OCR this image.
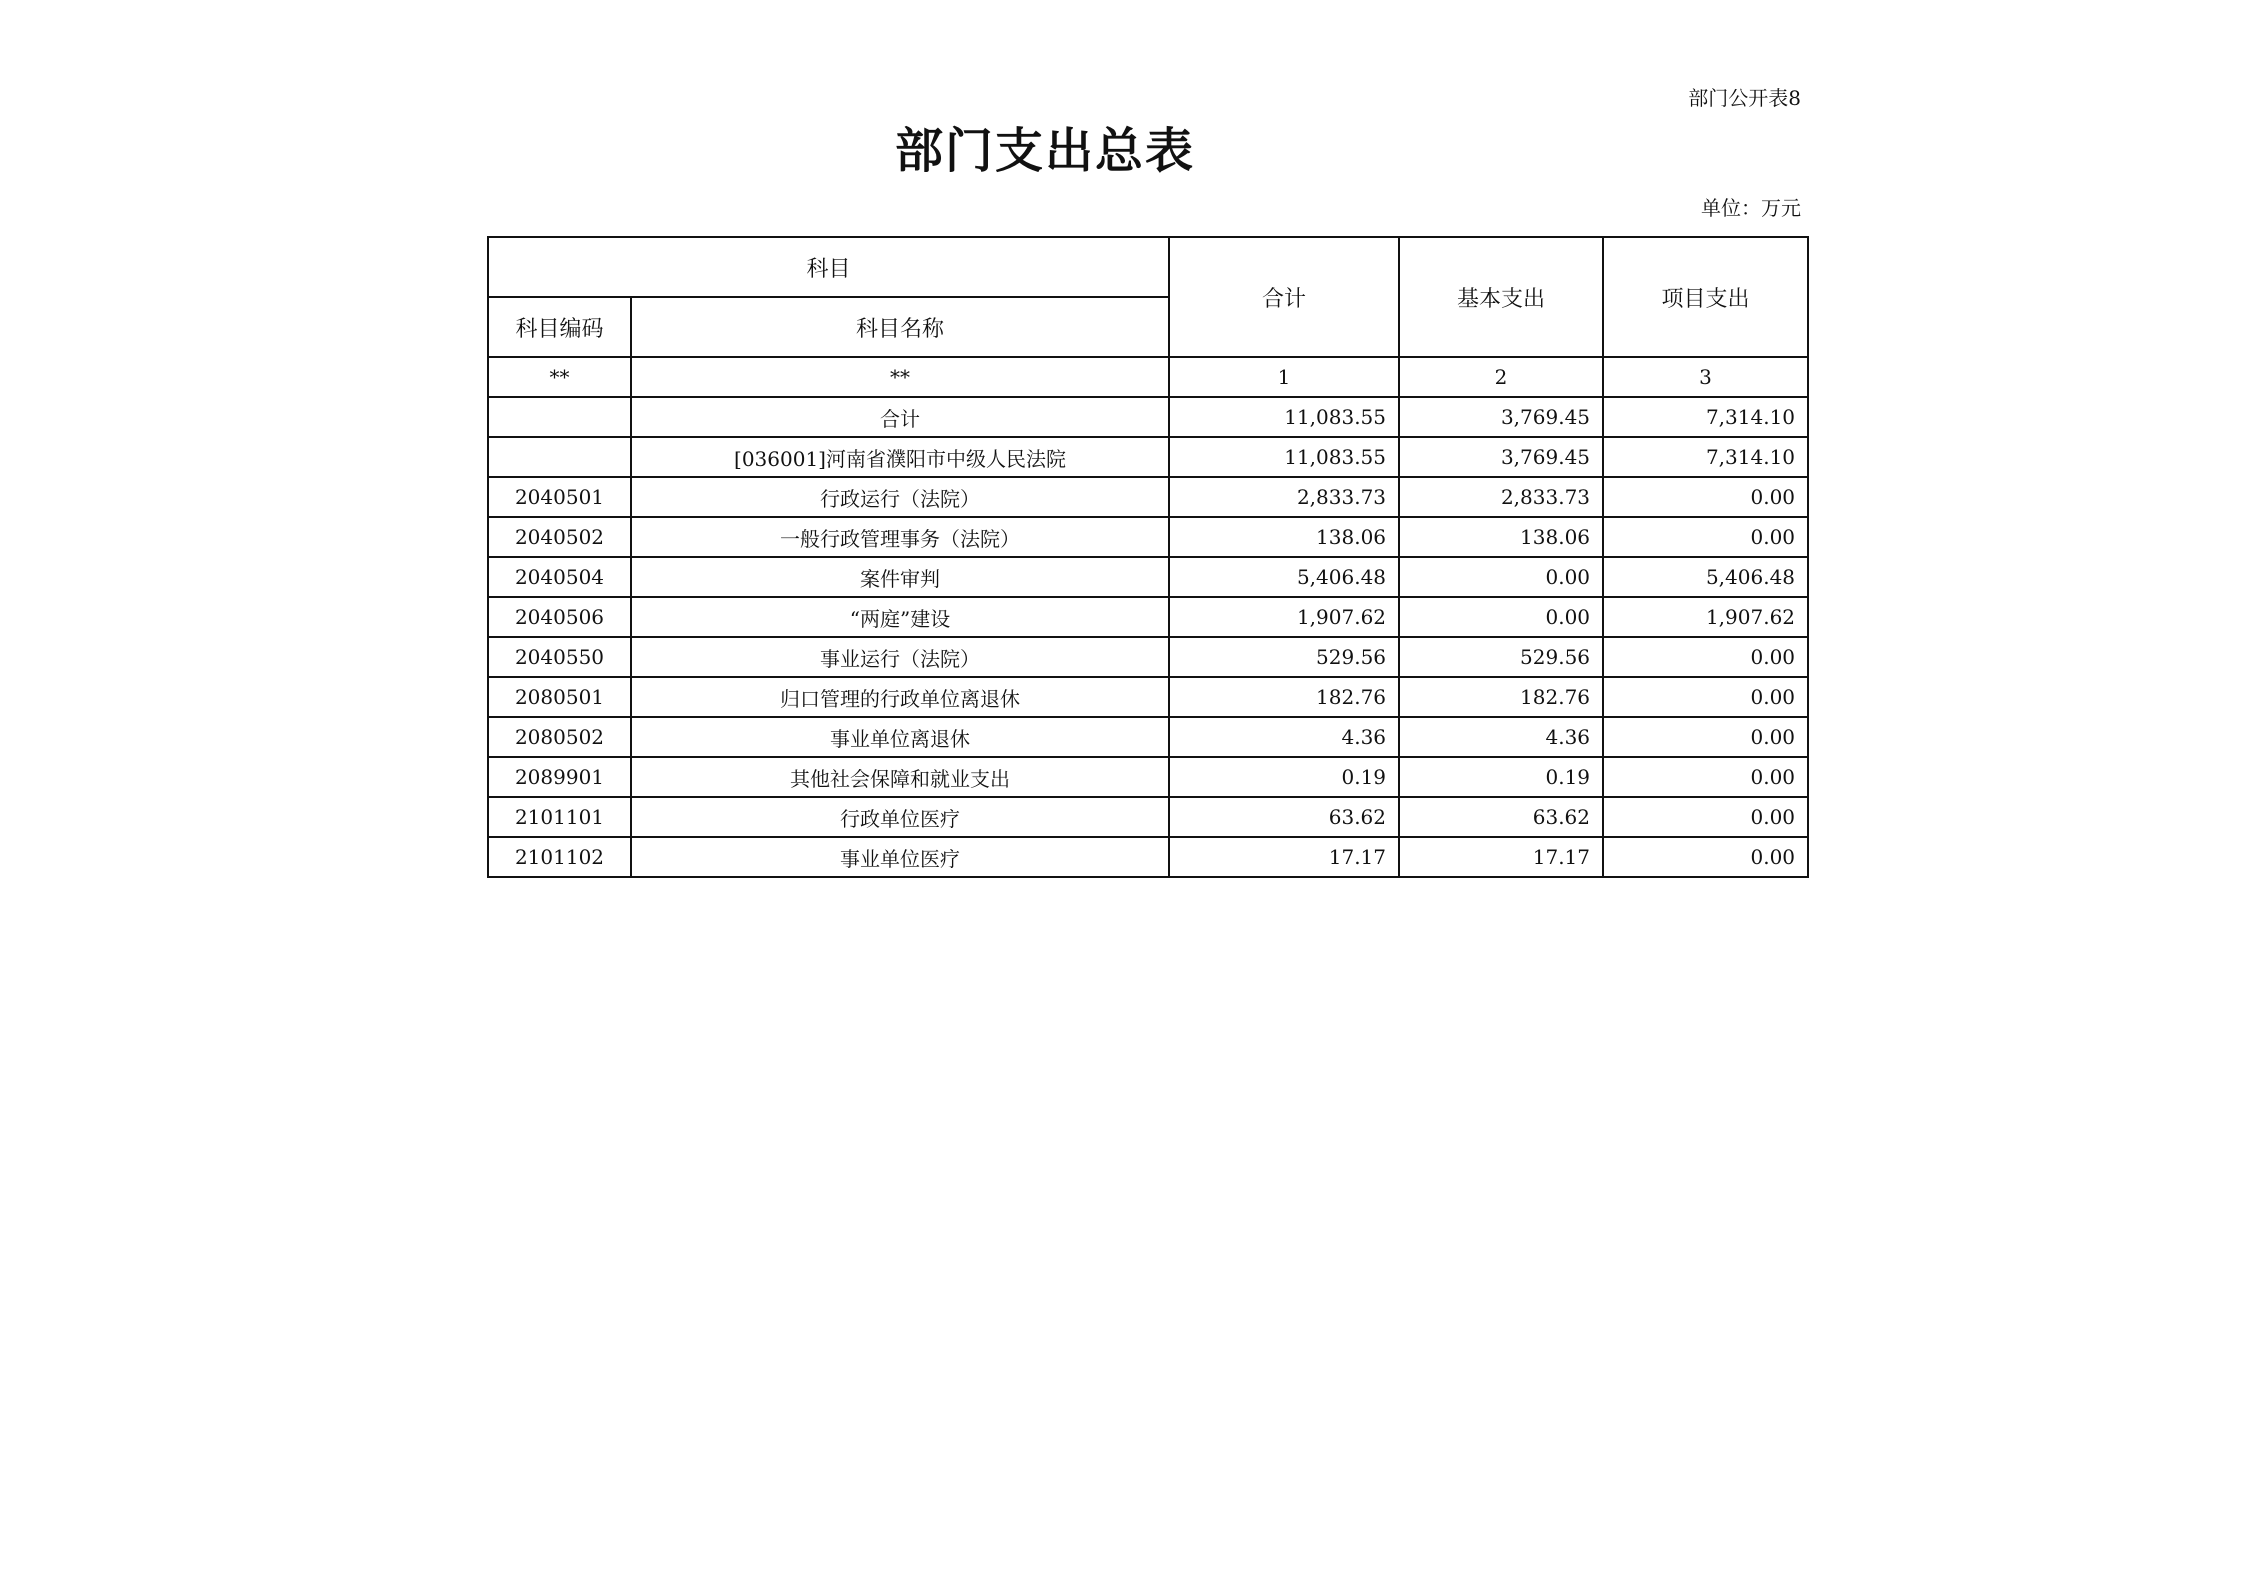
部门公开表8
部门支出总表
单位：万元
科目		合计	基本支出	项目支出
科目编码	科目名称			
**	**	1	2	3
	合计	11,083.55	3,769.45	7,314.10
	[036001]河南省濮阳市中级人民法院	11,083.55	3,769.45	7,314.10
2040501	行政运行（法院）	2,833.73	2,833.73	0.00
2040502	一般行政管理事务（法院）	138.06	138.06	0.00
2040504	案件审判	5,406.48	0.00	5,406.48
2040506	“两庭”建设	1,907.62	0.00	1,907.62
2040550	事业运行（法院）	529.56	529.56	0.00
2080501	归口管理的行政单位离退休	182.76	182.76	0.00
2080502	事业单位离退休	4.36	4.36	0.00
2089901	其他社会保障和就业支出	0.19	0.19	0.00
2101101	行政单位医疗	63.62	63.62	0.00
2101102	事业单位医疗	17.17	17.17	0.00
